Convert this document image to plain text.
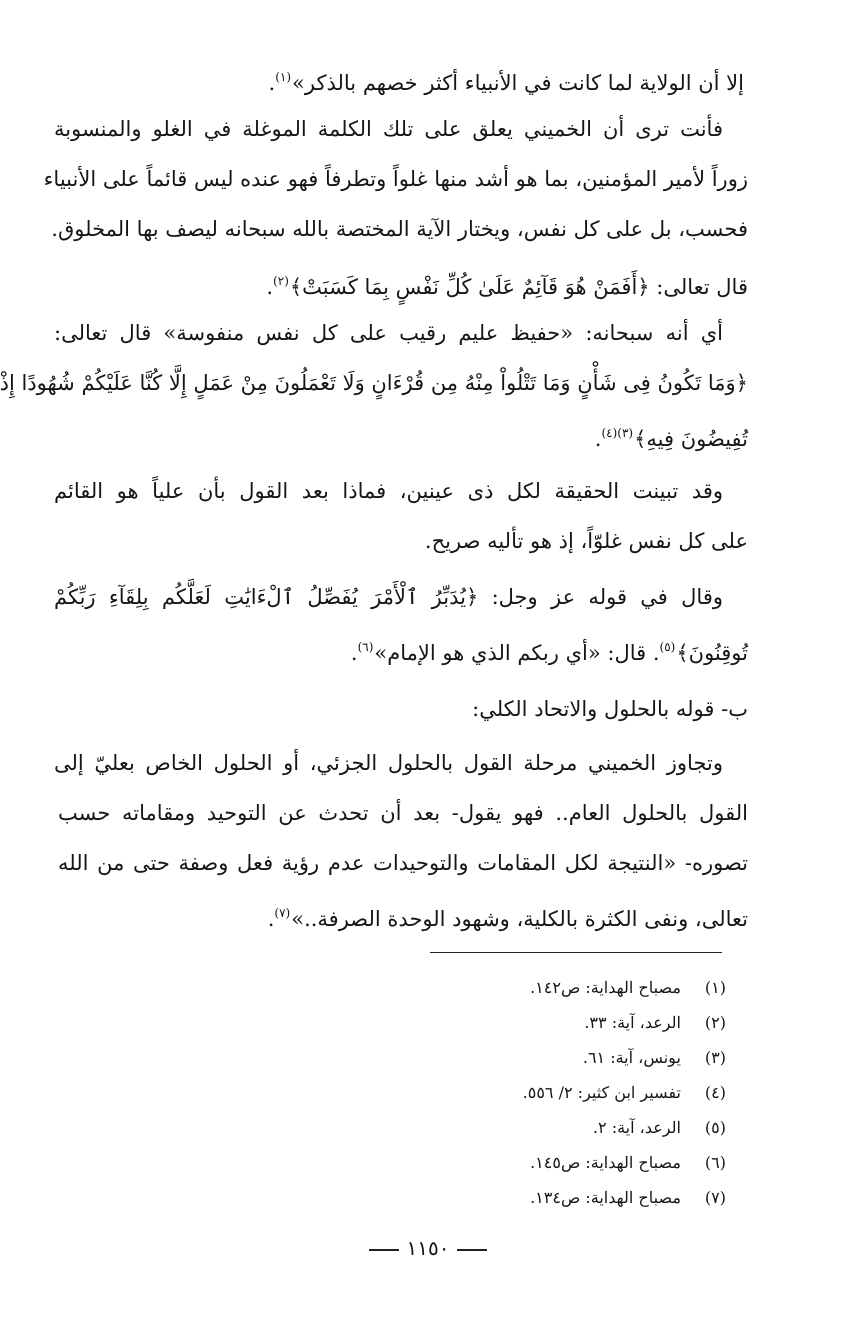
إلا أن الولاية لما كانت في الأنبياء أكثر خصهم بالذكر»$^{(١)}$.

فأنت ترى أن الخميني يعلق على تلك الكلمة الموغلة في الغلو والمنسوبة

زوراً لأمير المؤمنين، بما هو أشد منها غلواً وتطرفاً فهو عنده ليس قائماً على الأنبياء

فحسب، بل على كل نفس، ويختار الآية المختصة بالله سبحانه ليصف بها المخلوق.

قال تعالى: ﴿أَفَمَنْ هُوَ قَآئِمٌ عَلَىٰ كُلِّ نَفْسٍ بِمَا كَسَبَتْ﴾$^{(٢)}$.

أي أنه سبحانه: «حفيظ عليم رقيب على كل نفس منفوسة» قال تعالى:

﴿وَمَا تَكُونُ فِى شَأْنٍ وَمَا تَتْلُواْ مِنْهُ مِن قُرْءَانٍ وَلَا تَعْمَلُونَ مِنْ عَمَلٍ إِلَّا كُنَّا عَلَيْكُمْ شُهُودًا إِذْ

تُفِيضُونَ فِيهِ﴾$^{(٣)(٤)}$.

وقد تبينت الحقيقة لكل ذى عينين، فماذا بعد القول بأن علياً هو القائم

على كل نفس غلوّاً، إذ هو تأليه صريح.

وقال في قوله عز وجل: ﴿يُدَبِّرُ ٱلْأَمْرَ يُفَصِّلُ ٱلْءَايَٰتِ لَعَلَّكُم بِلِقَآءِ رَبِّكُمْ

تُوقِنُونَ﴾$^{(٥)}$. قال: «أي ربكم الذي هو الإمام»$^{(٦)}$.

ب- قوله بالحلول والاتحاد الكلي:

وتجاوز الخميني مرحلة القول بالحلول الجزئي، أو الحلول الخاص بعليّ إلى

القول بالحلول العام.. فهو يقول- بعد أن تحدث عن التوحيد ومقاماته حسب

تصوره- «النتيجة لكل المقامات والتوحيدات عدم رؤية فعل وصفة حتى من الله

تعالى، ونفى الكثرة بالكلية، وشهود الوحدة الصرفة..»$^{(٧)}$.

(١) مصباح الهداية: ص١٤٢.
(٢) الرعد، آية: ٣٣.
(٣) يونس، آية: ٦١.
(٤) تفسير ابن كثير: ٢/ ٥٥٦.
(٥) الرعد، آية: ٢.
(٦) مصباح الهداية: ص١٤٥.
(٧) مصباح الهداية: ص١٣٤.
١١٥٠
